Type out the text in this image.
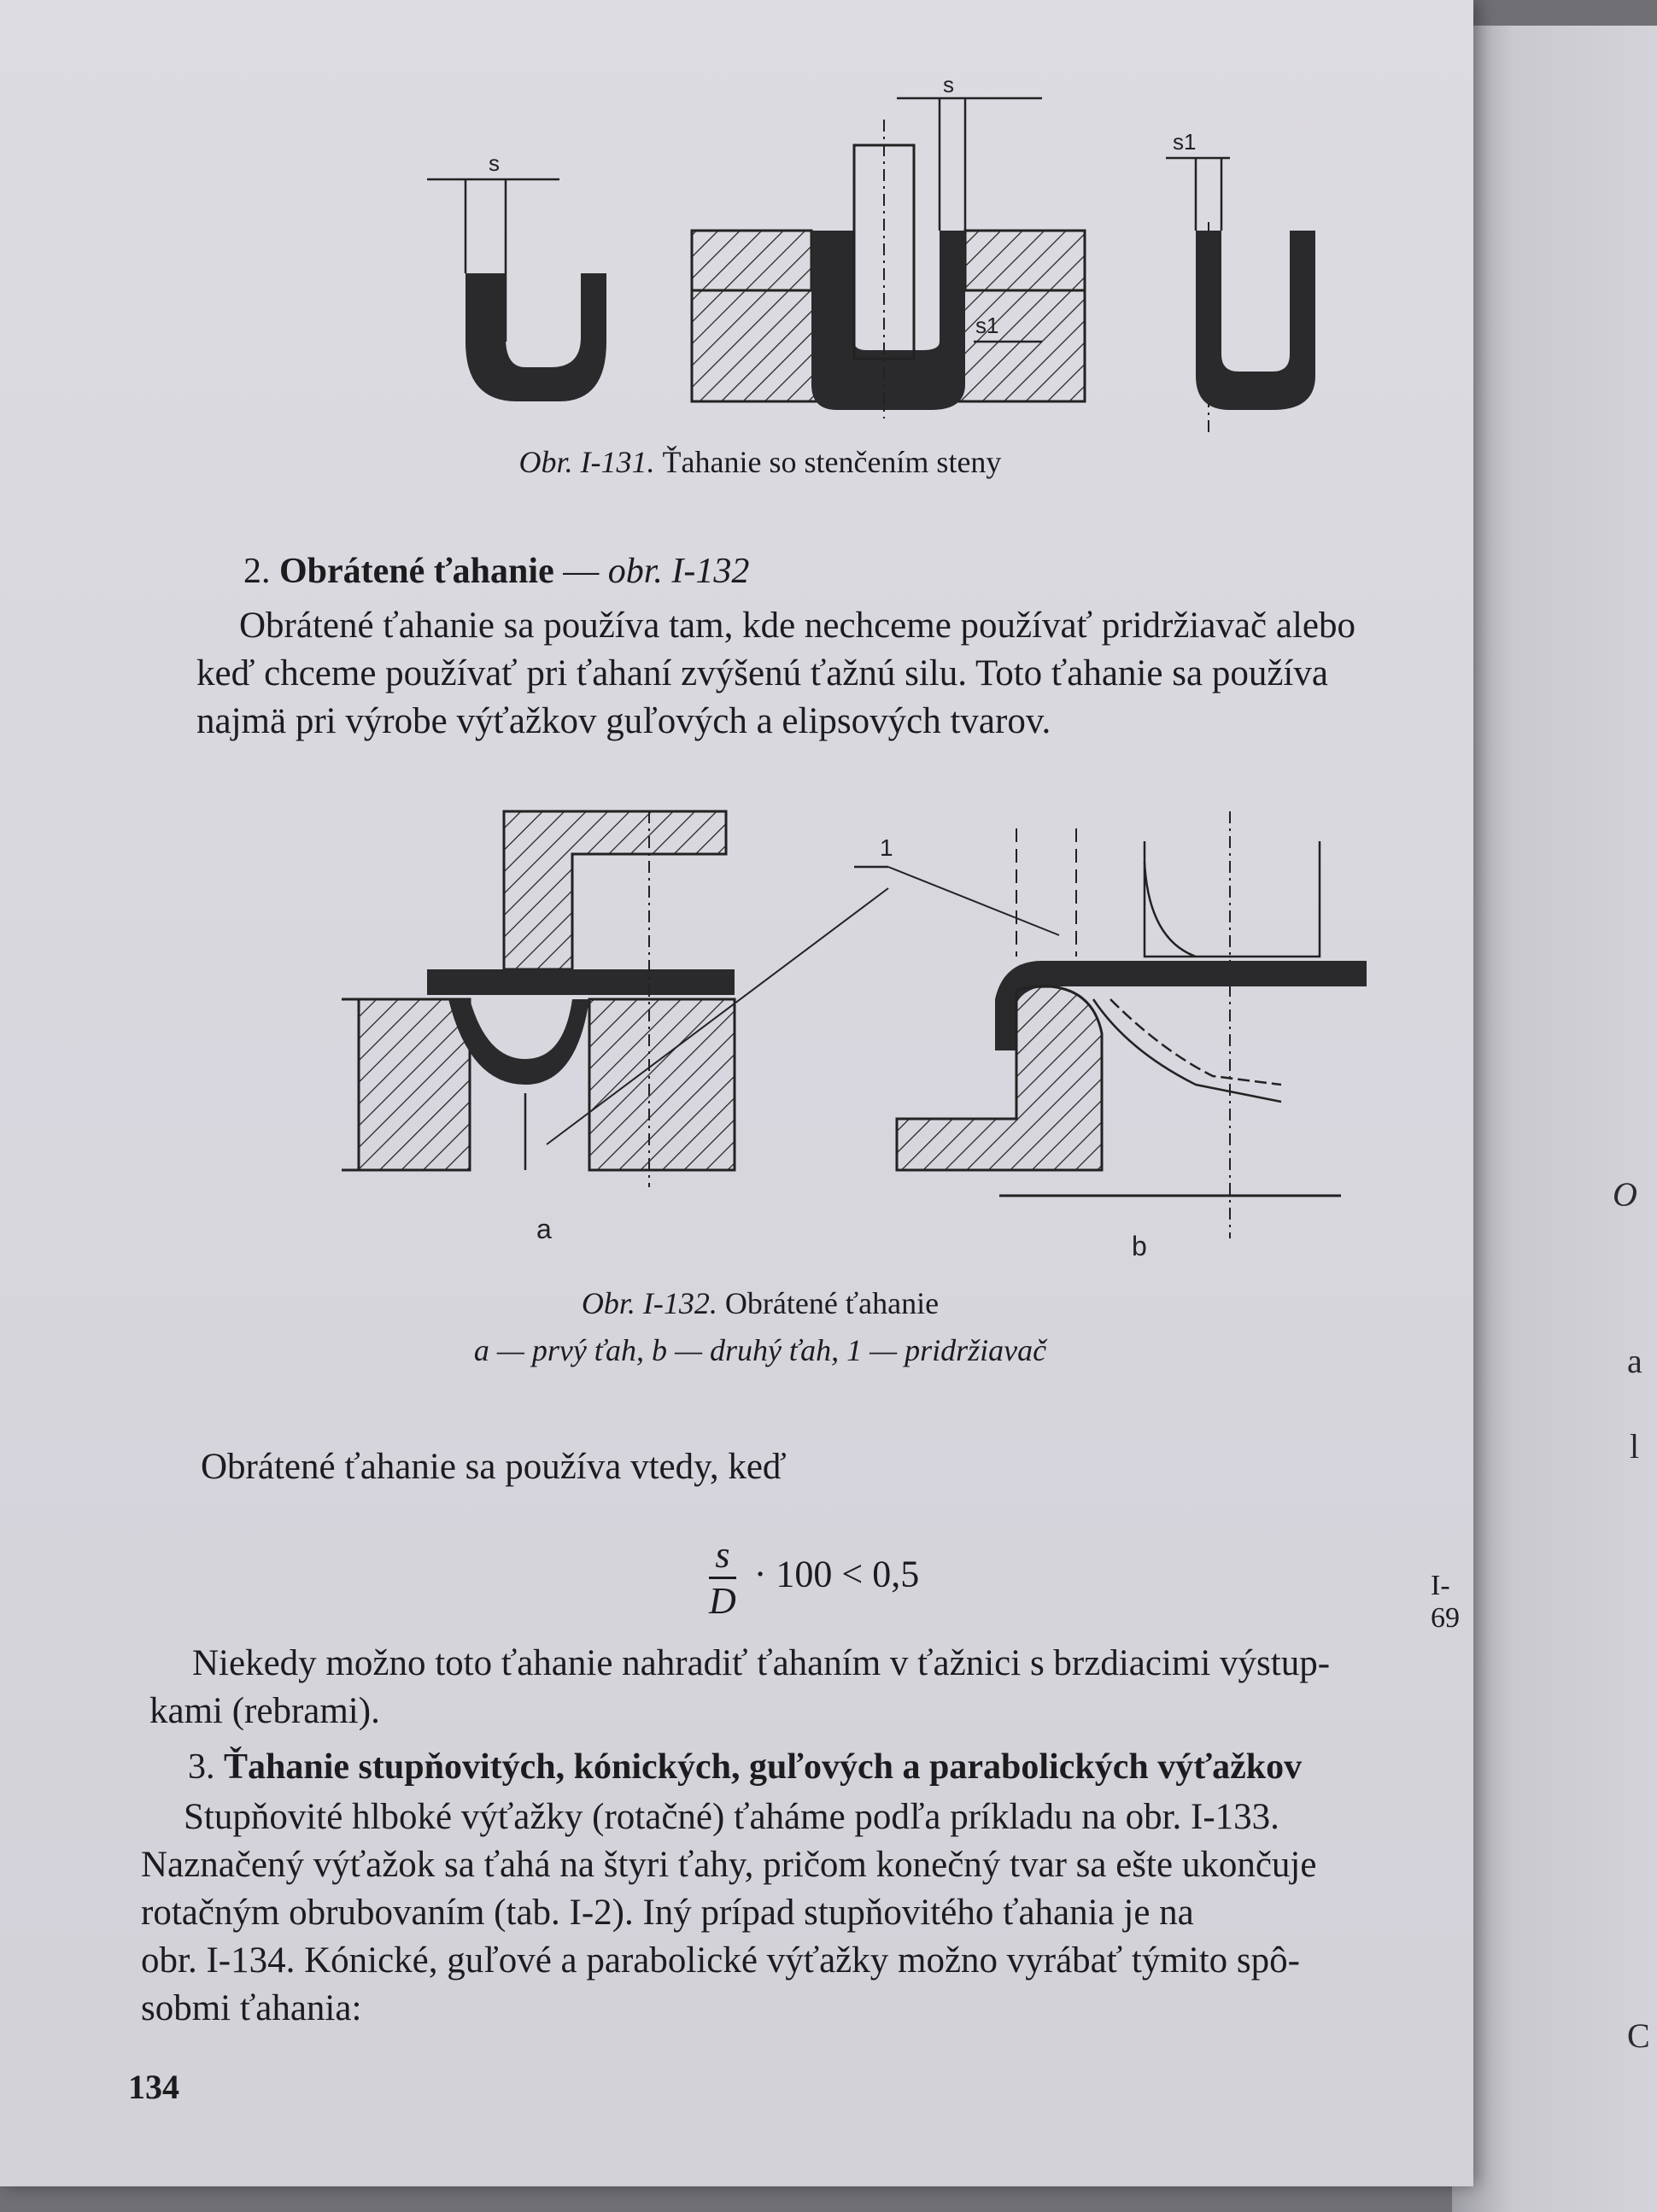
O
a
l
C
s
s
s1
s1
Obr. I-131. Ťahanie so stenčením steny
2. Obrátené ťahanie — obr. I-132
Obrátené ťahanie sa používa tam, kde nechceme používať pridržiavač alebo
keď chceme používať pri ťahaní zvýšenú ťažnú silu. Toto ťahanie sa používa
najmä pri výrobe výťažkov guľových a elipsových tvarov.
a
1
b
Obr. I-132. Obrátené ťahanie
a — prvý ťah, b — druhý ťah, 1 — pridržiavač
Obrátené ťahanie sa používa vtedy, keď
$\frac{s}{D} \cdot 100 < 0,5$	I-69
Niekedy možno toto ťahanie nahradiť ťahaním v ťažnici s brzdiacimi výstup-
kami (rebrami).
3. Ťahanie stupňovitých, kónických, guľových a parabolických výťažkov
Stupňovité hlboké výťažky (rotačné) ťaháme podľa príkladu na obr. I-133.
Naznačený výťažok sa ťahá na štyri ťahy, pričom konečný tvar sa ešte ukončuje
rotačným obrubovaním (tab. I-2). Iný prípad stupňovitého ťahania je na
obr. I-134. Kónické, guľové a parabolické výťažky možno vyrábať týmito spô-
sobmi ťahania:
134
